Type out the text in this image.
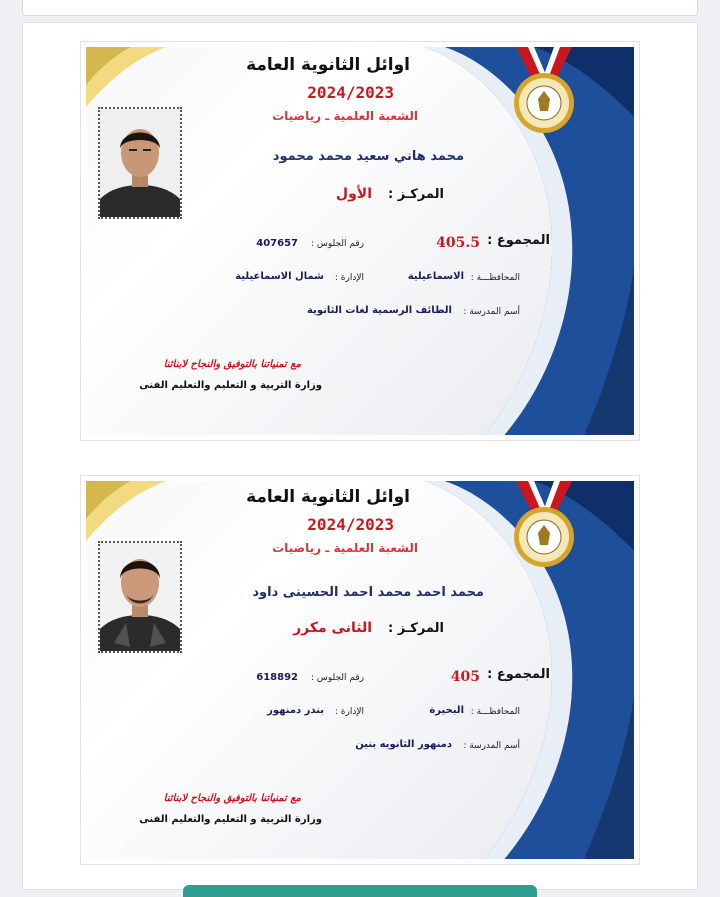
اوائل الثانوية العامة
2024/2023
الشعبة العلمية ـ رياضيات
محمد هاني سعيد محمد محمود
المركـز :
الأول
المجموع :
405.5
رقم الجلوس :
407657
المحافظـــة :
الاسماعيلية
الإدارة :
شمال الاسماعيلية
أسم المدرسة :
الطائف الرسمية لغات الثانوية
مع تمنياتنا بالتوفيق والنجاح لابنائنا
وزارة التربية و التعليم والتعليم الفنى
اوائل الثانوية العامة
2024/2023
الشعبة العلمية ـ رياضيات
محمد احمد محمد احمد الحسينى داود
المركـز :
الثانى مكرر
المجموع :
405
رقم الجلوس :
618892
المحافظـــة :
البحيرة
الإدارة :
بندر دمنهور
أسم المدرسة :
دمنهور الثانويه بنين
مع تمنياتنا بالتوفيق والنجاح لابنائنا
وزارة التربية و التعليم والتعليم الفنى
